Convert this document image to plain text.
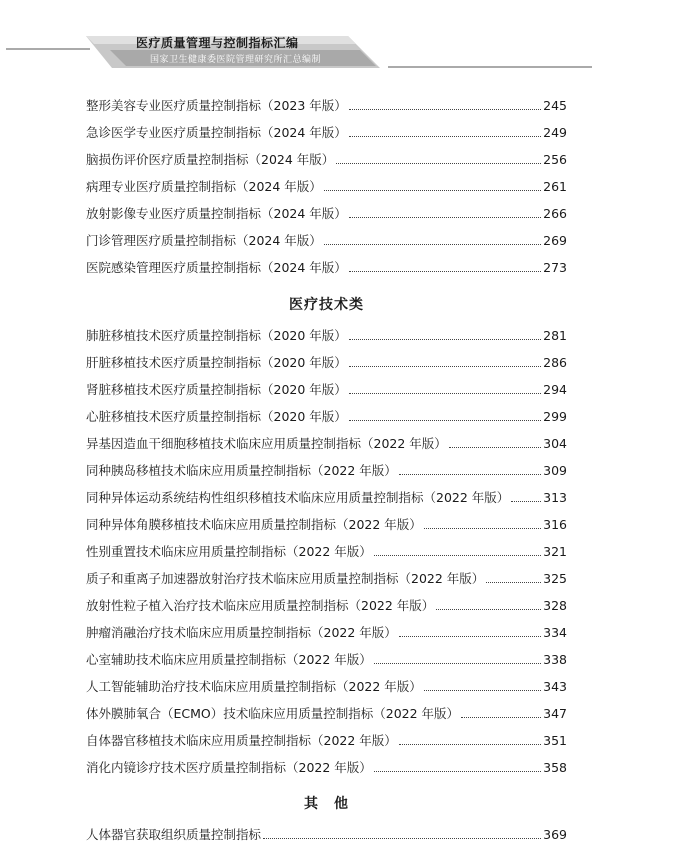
医疗质量管理与控制指标汇编
国家卫生健康委医院管理研究所汇总编制
整形美容专业医疗质量控制指标（2023 年版）	245
急诊医学专业医疗质量控制指标（2024 年版）	249
脑损伤评价医疗质量控制指标（2024 年版）	256
病理专业医疗质量控制指标（2024 年版）	261
放射影像专业医疗质量控制指标（2024 年版）	266
门诊管理医疗质量控制指标（2024 年版）	269
医院感染管理医疗质量控制指标（2024 年版）	273
医疗技术类
肺脏移植技术医疗质量控制指标（2020 年版）	281
肝脏移植技术医疗质量控制指标（2020 年版）	286
肾脏移植技术医疗质量控制指标（2020 年版）	294
心脏移植技术医疗质量控制指标（2020 年版）	299
异基因造血干细胞移植技术临床应用质量控制指标（2022 年版）	304
同种胰岛移植技术临床应用质量控制指标（2022 年版）	309
同种异体运动系统结构性组织移植技术临床应用质量控制指标（2022 年版）	313
同种异体角膜移植技术临床应用质量控制指标（2022 年版）	316
性别重置技术临床应用质量控制指标（2022 年版）	321
质子和重离子加速器放射治疗技术临床应用质量控制指标（2022 年版）	325
放射性粒子植入治疗技术临床应用质量控制指标（2022 年版）	328
肿瘤消融治疗技术临床应用质量控制指标（2022 年版）	334
心室辅助技术临床应用质量控制指标（2022 年版）	338
人工智能辅助治疗技术临床应用质量控制指标（2022 年版）	343
体外膜肺氧合（ECMO）技术临床应用质量控制指标（2022 年版）	347
自体器官移植技术临床应用质量控制指标（2022 年版）	351
消化内镜诊疗技术医疗质量控制指标（2022 年版）	358
其　他
人体器官获取组织质量控制指标	369
